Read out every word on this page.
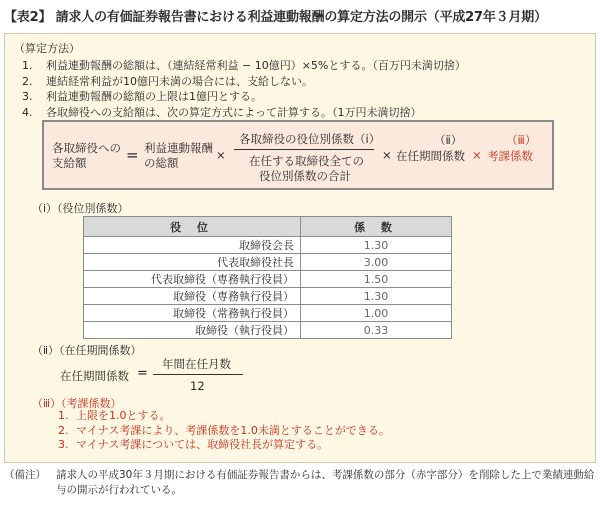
【表2】 請求人の有価証券報告書における利益連動報酬の算定方法の開示（平成27年３月期）
（算定方法）
1. 利益連動報酬の総額は、（連結経常利益 − 10億円）×5%とする。（百万円未満切捨）
2. 連結経常利益が10億円未満の場合には、支給しない。
3. 利益連動報酬の総額の上限は1億円とする。
4. 各取締役への支給額は、次の算定方式によって計算する。（1万円未満切捨）
各取締役への
支給額	= 利益連動報酬
の総額
×
各取締役の役位別係数（ⅰ）
在任する取締役全ての
役位別係数の合計
×
（ⅱ）
在任期間係数 ×
（ⅲ）
考課係数
（ⅰ）（役位別係数）
役 位	係 数
取締役会長	1.30
代表取締役社長	3.00
代表取締役（専務執行役員）	1.50
取締役（専務執行役員）	1.30
取締役（常務執行役員）	1.00
取締役（執行役員）	0.33
（ⅱ）（在任期間係数）
在任期間係数 =
年間在任月数
12
（ⅲ）（考課係数）
1. 上限を1.0とする。
2. マイナス考課により、考課係数を1.0未満とすることができる。
3. マイナス考課については、取締役社長が算定する。
（備注） 請求人の平成30年３月期における有価証券報告書からは、考課係数の部分（赤字部分）を削除した上で業績連動給与の開示が行われている。
